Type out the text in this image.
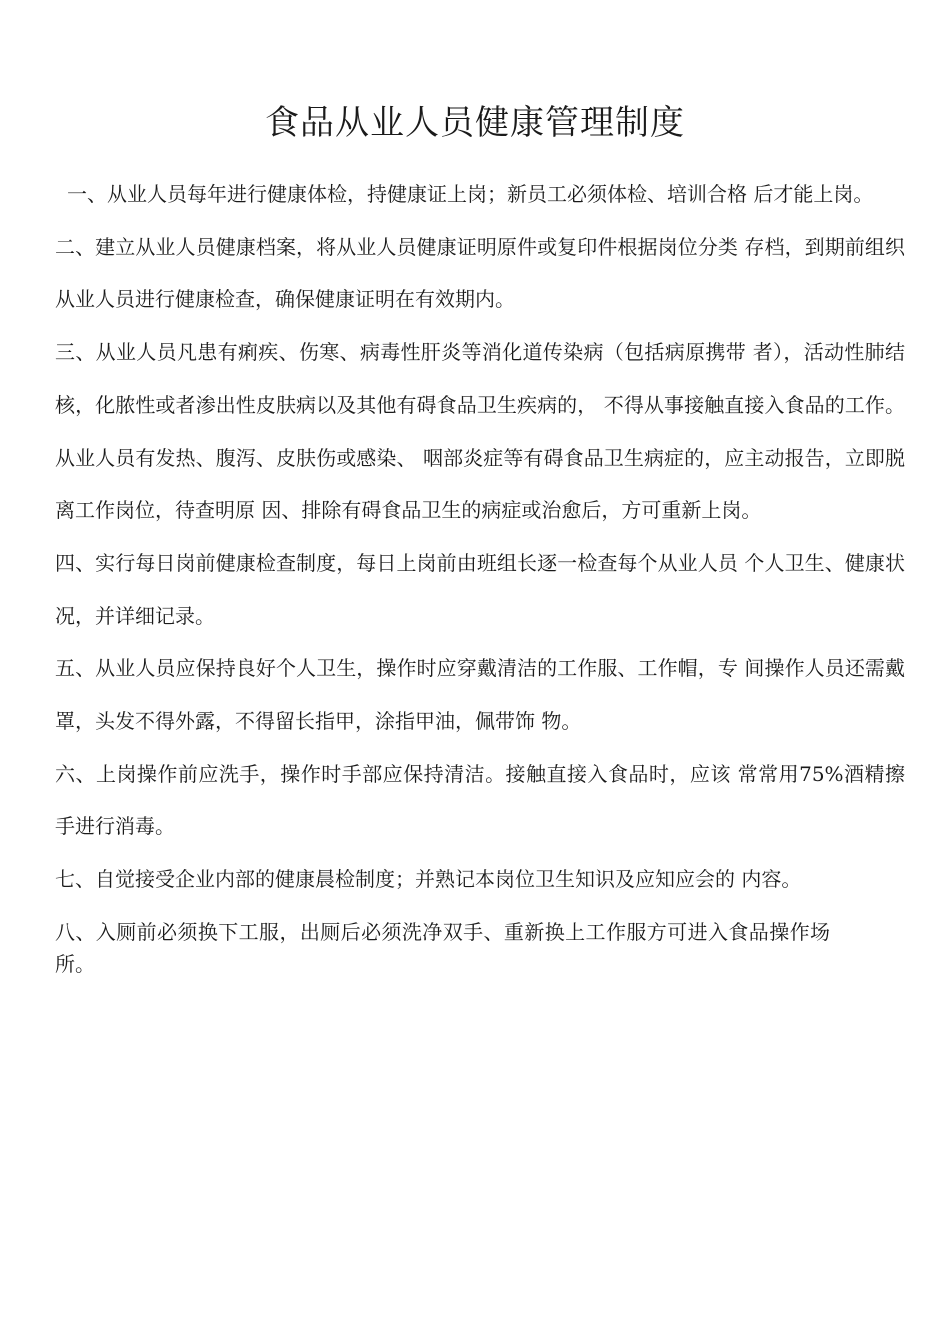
食品从业人员健康管理制度
一、从业人员每年进行健康体检，持健康证上岗；新员工必须体检、培训合格 后才能上岗。
二、建立从业人员健康档案，将从业人员健康证明原件或复印件根据岗位分类 存档，到期前组织从业人员进行健康检查，确保健康证明在有效期内。
三、从业人员凡患有痢疾、伤寒、病毒性肝炎等消化道传染病（包括病原携带 者），活动性肺结核，化脓性或者渗出性皮肤病以及其他有碍食品卫生疾病的， 不得从事接触直接入食品的工作。从业人员有发热、腹泻、皮肤伤或感染、 咽部炎症等有碍食品卫生病症的，应主动报告，立即脱离工作岗位，待查明原 因、排除有碍食品卫生的病症或治愈后，方可重新上岗。
四、实行每日岗前健康检查制度，每日上岗前由班组长逐一检查每个从业人员 个人卫生、健康状况，并详细记录。
五、从业人员应保持良好个人卫生，操作时应穿戴清洁的工作服、工作帽，专 间操作人员还需戴罩，头发不得外露，不得留长指甲，涂指甲油，佩带饰 物。
六、上岗操作前应洗手，操作时手部应保持清洁。接触直接入食品时，应该 常常用75%酒精擦手进行消毒。
七、自觉接受企业内部的健康晨检制度；并熟记本岗位卫生知识及应知应会的 内容。
八、入厕前必须换下工服，出厕后必须洗净双手、重新换上工作服方可进入食品操作场所。
